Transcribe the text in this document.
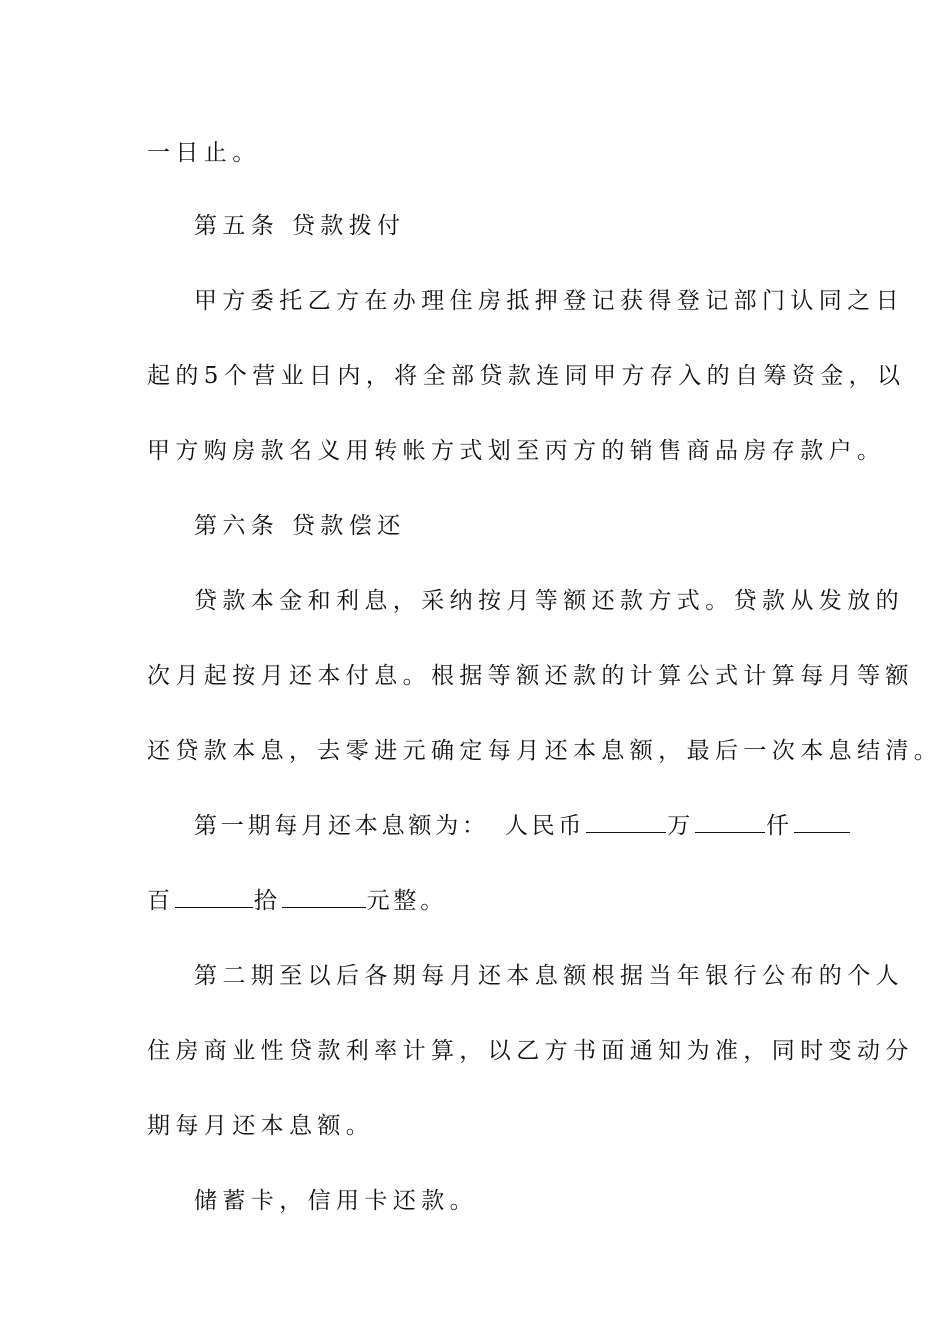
一日止。
第五条 贷款拨付
甲方委托乙方在办理住房抵押登记获得登记部门认同之日
起的5个营业日内，将全部贷款连同甲方存入的自筹资金，以
甲方购房款名义用转帐方式划至丙方的销售商品房存款户。
第六条 贷款偿还
贷款本金和利息，采纳按月等额还款方式。贷款从发放的
次月起按月还本付息。根据等额还款的计算公式计算每月等额
还贷款本息，去零进元确定每月还本息额，最后一次本息结清。
第一期每月还本息额为： 人民币	万	仟
百	拾	元整。
第二期至以后各期每月还本息额根据当年银行公布的个人
住房商业性贷款利率计算，以乙方书面通知为准，同时变动分
期每月还本息额。
储蓄卡，信用卡还款。
